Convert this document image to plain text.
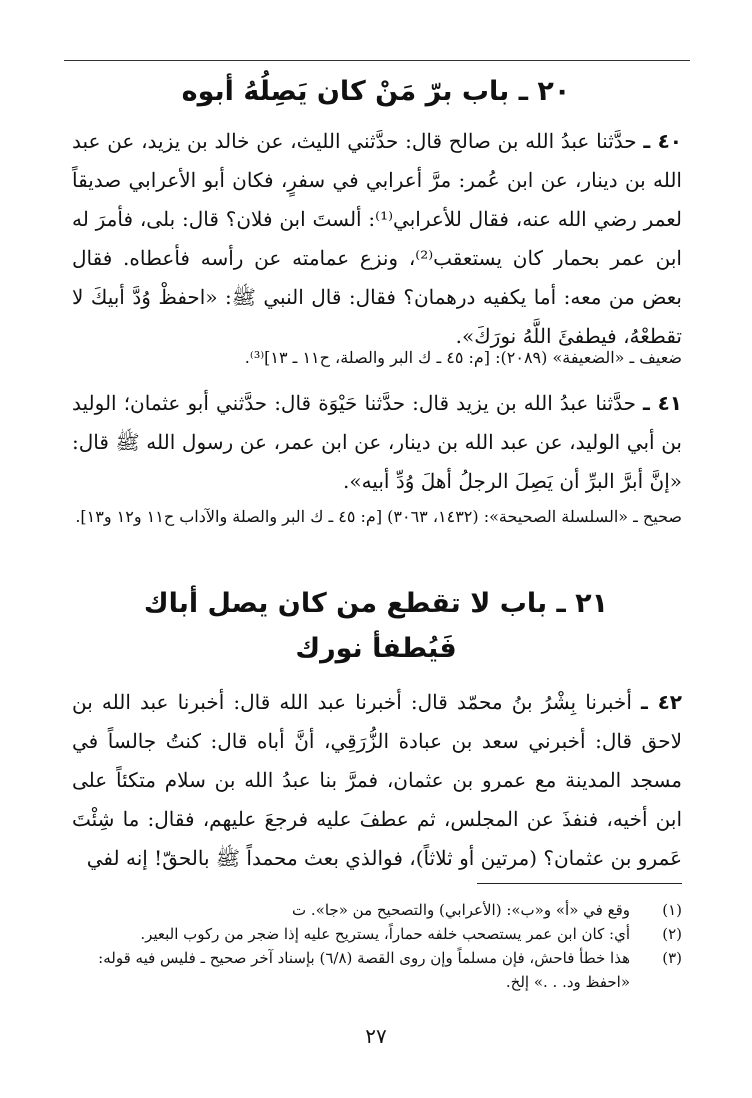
٢٠ ـ باب برّ مَنْ كان يَصِلُهُ أبوه
٤٠ ـ حدَّثنا عبدُ الله بن صالح قال: حدَّثني الليث، عن خالد بن يزيد، عن عبد الله بن دينار، عن ابن عُمر: مرَّ أعرابي في سفرٍ، فكان أبو الأعرابي صديقاً لعمر رضي الله عنه، فقال للأعرابي⁽¹⁾: ألستَ ابن فلان؟ قال: بلى، فأمرَ له ابن عمر بحمار كان يستعقب⁽²⁾، ونزع عمامته عن رأسه فأعطاه. فقال بعض من معه: أما يكفيه درهمان؟ فقال: قال النبي ﷺ: «احفظْ وُدَّ أبيكَ لا تقطعْهُ، فيطفئَ اللَّهُ نورَكَ».
ضعيف ـ «الضعيفة» (٢٠٨٩): [م: ٤٥ ـ ك البر والصلة، ح١١ ـ ١٣]⁽³⁾.
٤١ ـ حدَّثنا عبدُ الله بن يزيد قال: حدَّثنا حَيْوَة قال: حدَّثني أبو عثمان؛ الوليد بن أبي الوليد، عن عبد الله بن دينار، عن ابن عمر، عن رسول الله ﷺ قال: «إنَّ أبرَّ البرِّ أن يَصِلَ الرجلُ أهلَ وُدِّ أبيه».
صحيح ـ «السلسلة الصحيحة»: (١٤٣٢، ٣٠٦٣) [م: ٤٥ ـ ك البر والصلة والآداب ح١١ و١٢ و١٣].
٢١ ـ باب لا تقطع من كان يصل أباك
فَيُطفأ نورك
٤٢ ـ أخبرنا بِشْرُ بنُ محمّد قال: أخبرنا عبد الله قال: أخبرنا عبد الله بن لاحق قال: أخبرني سعد بن عبادة الزُّرَقِي، أنَّ أباه قال: كنتُ جالساً في مسجد المدينة مع عمرو بن عثمان، فمرَّ بنا عبدُ الله بن سلام متكئاً على ابن أخيه، فنفذَ عن المجلس، ثم عطفَ عليه فرجعَ عليهم، فقال: ما شِئْتَ عَمرو بن عثمان؟ (مرتين أو ثلاثاً)، فوالذي بعث محمداً ﷺ بالحقّ! إنه لفي
(١)
وقع في «أ» و«ب»: (الأعرابي) والتصحيح من «جا». ت
(٢)
أي: كان ابن عمر يستصحب خلفه حماراً، يستريح عليه إذا ضجر من ركوب البعير.
(٣)
هذا خطأ فاحش، فإن مسلماً وإن روى القصة (٦/٨) بإسناد آخر صحيح ـ فليس فيه قوله: «احفظ ود. . .» إلخ.
٢٧
